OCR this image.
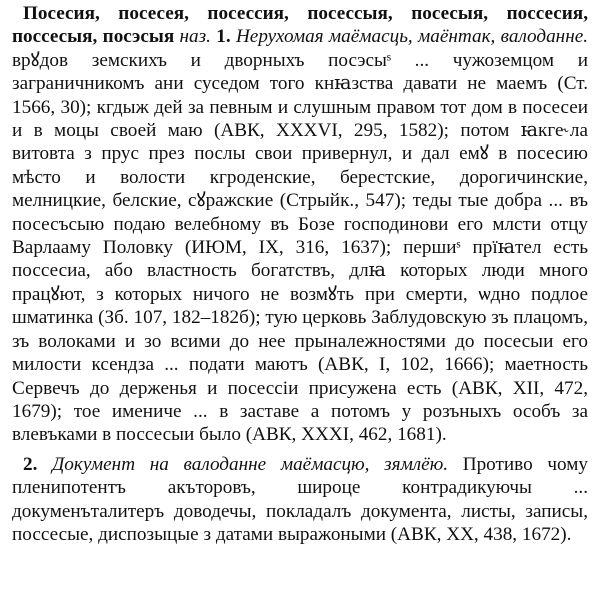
Посесия, посесея, посессия, посессыя, посесыя, поссесия, поссесыя, посэсыя наз. 1. Нерухомая маёмасць, маёнтак, валоданне. врꙋдов земскихъ и дворныхъ посэсыˢ ... чужоземцом и заграничникомъ ани суседом того кнꙗзства давати не маемъ (Ст. 1566, 30); кгдыж дей за певным и слушным правом тот дом в посесеи и в моцы своей маю (АВК, XXXVI, 295, 1582); потом ꙗкге˞ла витовта з прус през послы свои привернул, и дал емꙋ в посесию мѣсто и волости кгроденские, берестские, дорогичинские, мелницкие, белские, сꙋражские (Стрыйк., 547); теды тые добра ... въ посесъсыю подаю велебному въ Бозе господинови его млсти отцу Варлааму Половку (ИЮМ, IX, 316, 1637); першиˢ прїꙗтел есть поссесиа, або властность богатствъ, длꙗ которых люди много працꙋют, з которых ничого не возмꙋть при смерти, ѡдно подлое шматинка (Зб. 107, 182–182б); тую церковь Заблудовскую зъ плацомъ, зъ волоками и зо всими до нее прыналежностями до посесыи его милости ксендза ... подати маютъ (АВК, I, 102, 1666); маетность Сервечъ до держенья и посессіи присужена есть (АВК, XII, 472, 1679); тое имениче ... в заставе а потомъ у розъныхъ особъ за влевъками в поссесыи было (АВК, XXXI, 462, 1681).

2. Документ на валоданне маёмасцю, зямлёю. Противо чому пленипотентъ акъторовъ, широце контрадикуючы ... докуменъталитеръ доводечы, покладалъ документа, листы, записы, поссесые, диспозыцые з датами выражоными (АВК, XX, 438, 1672).
